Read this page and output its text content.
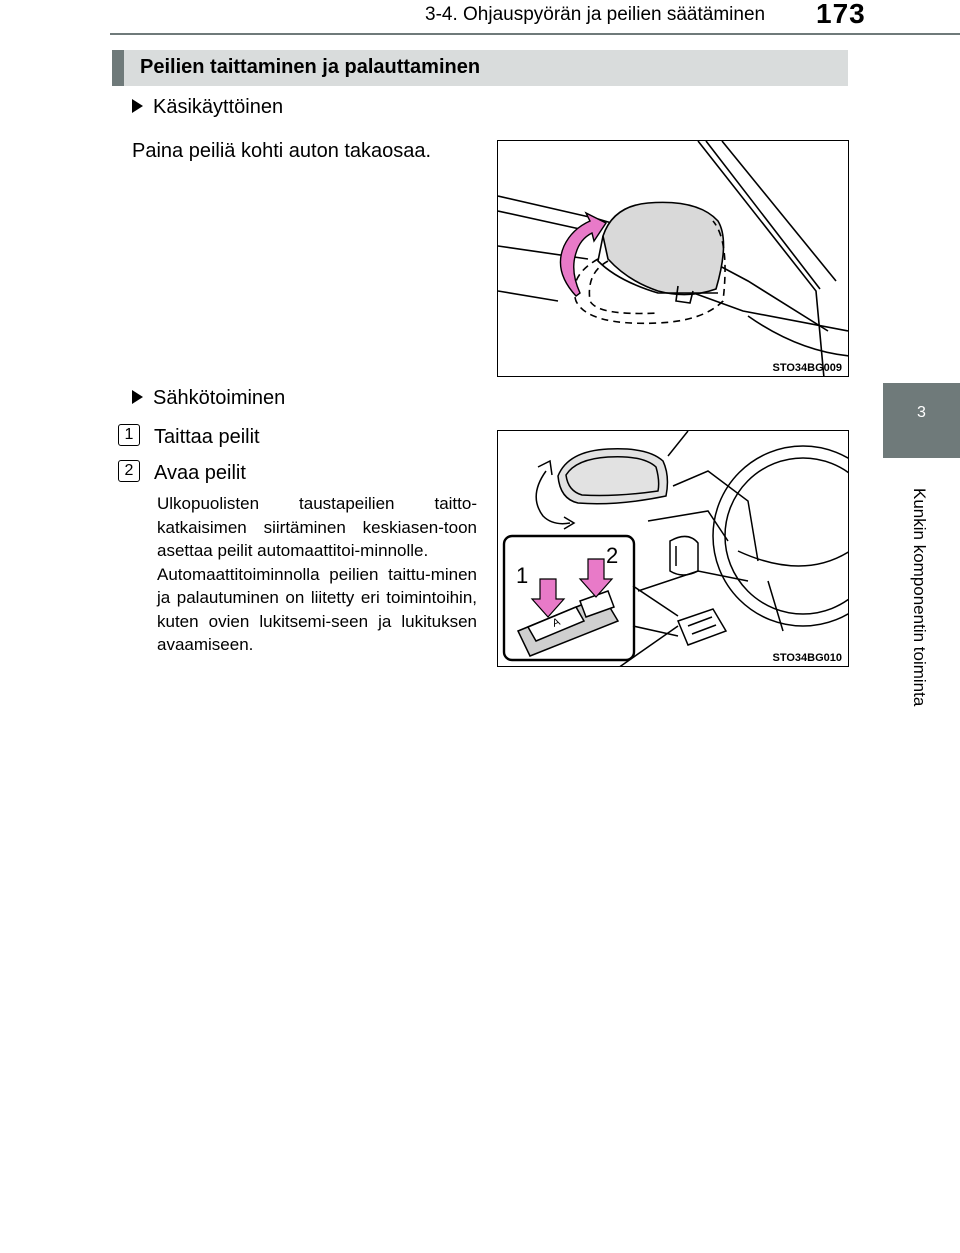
3-4. Ohjauspyörän ja peilien säätäminen 173
3
Kunkin komponentin toiminta
Peilien taittaminen ja palauttaminen
Käsikäyttöinen
Paina peiliä kohti auton takaosaa.
STO34BG009
Sähkötoiminen
1 Taittaa peilit
2 Avaa peilit

Ulkopuolisten taustapeilien taitto-katkaisimen siirtäminen keskiasen-toon asettaa peilit automaattitoi-minnolle.

Automaattitoiminnolla peilien taittu-minen ja palautuminen on liitetty eri toimintoihin, kuten ovien lukitsemi-seen ja lukituksen avaamiseen.

A
1
2
STO34BG010
